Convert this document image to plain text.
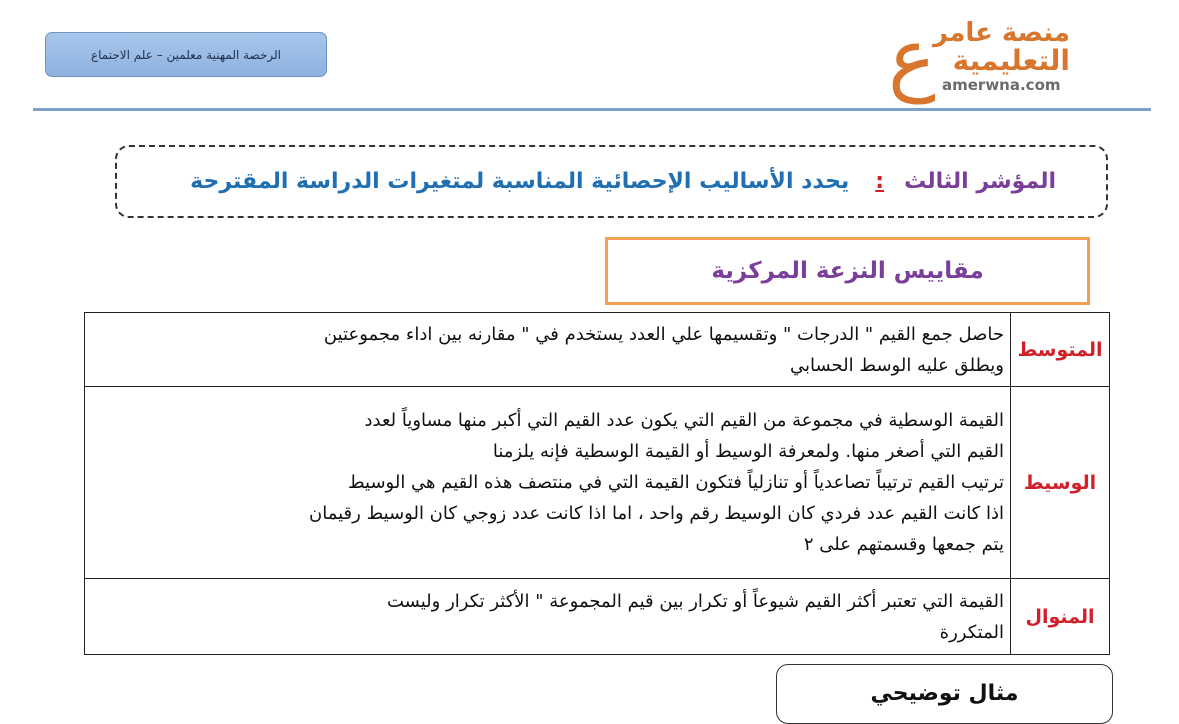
الرخصة المهنية معلمين – علم الاجتماع	ع
منصة عامر
التعليمية
amerwna.com
المؤشر الثالث
:
يحدد الأساليب الإحصائية المناسبة لمتغيرات الدراسة المقترحة
مقاييس النزعة المركزية
المتوسط	حاصل جمع القيم " الدرجات " وتقسيمها علي العدد يستخدم في " مقارنه بين اداء مجموعتين
ويطلق عليه الوسط الحسابي

الوسيط	القيمة الوسطية في مجموعة من القيم التي يكون عدد القيم التي أكبر منها مساوياً لعدد
القيم التي أصغر منها. ولمعرفة الوسيط أو القيمة الوسطية فإنه يلزمنا
ترتيب القيم ترتيباً تصاعدياً أو تنازلياً فتكون القيمة التي في منتصف هذه القيم هي الوسيط
اذا كانت القيم عدد فردي كان الوسيط رقم واحد ، اما اذا كانت عدد زوجي كان الوسيط رقيمان
يتم جمعها وقسمتهم على ٢

المنوال	القيمة التي تعتبر أكثر القيم شيوعاً أو تكرار بين قيم المجموعة " الأكثر تكرار وليست
المتكررة
مثال توضيحي
